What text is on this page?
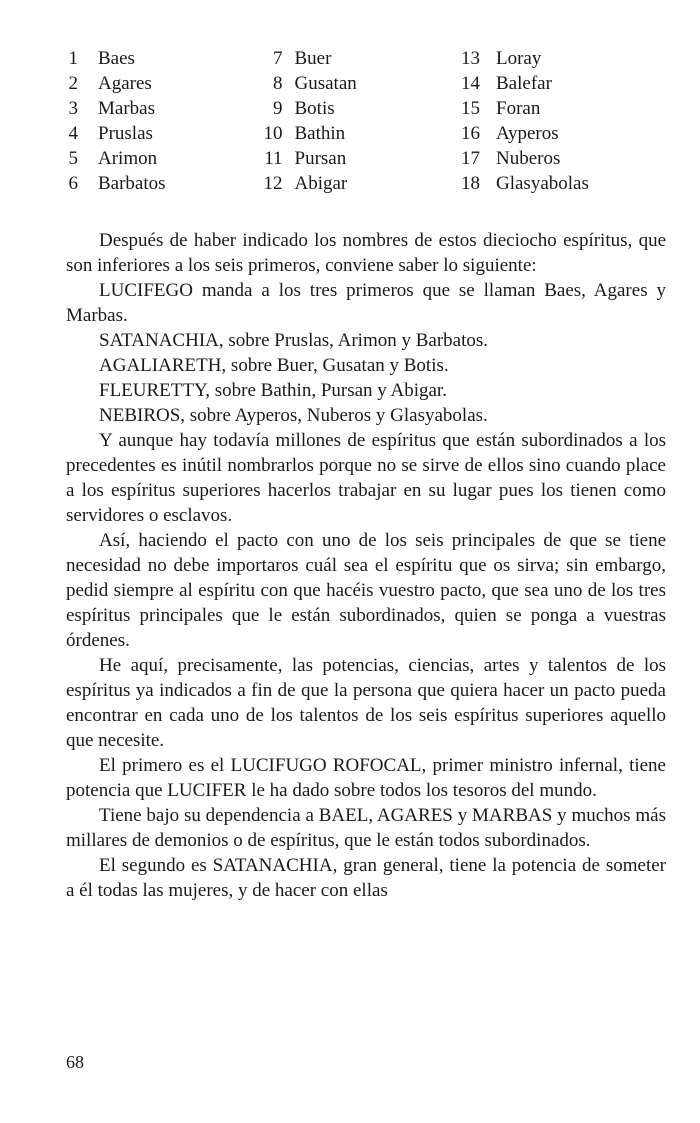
1 Baes
2 Agares
3 Marbas
4 Pruslas
5 Arimon
6 Barbatos
7 Buer
8 Gusatan
9 Botis
10 Bathin
11 Pursan
12 Abigar
13 Loray
14 Balefar
15 Foran
16 Ayperos
17 Nuberos
18 Glasyabolas

Después de haber indicado los nombres de estos dieciocho espíritus, que son inferiores a los seis primeros, conviene saber lo siguiente:

LUCIFEGO manda a los tres primeros que se llaman Baes, Agares y Marbas.

SATANACHIA, sobre Pruslas, Arimon y Barbatos.

AGALIARETH, sobre Buer, Gusatan y Botis.

FLEURETTY, sobre Bathin, Pursan y Abigar.

NEBIROS, sobre Ayperos, Nuberos y Glasyabolas.

Y aunque hay todavía millones de espíritus que están subordinados a los precedentes es inútil nombrarlos porque no se sirve de ellos sino cuando place a los espíritus superiores hacerlos trabajar en su lugar pues los tienen como servidores o esclavos.

Así, haciendo el pacto con uno de los seis principales de que se tiene necesidad no debe importaros cuál sea el espíritu que os sirva; sin embargo, pedid siempre al espíritu con que hacéis vuestro pacto, que sea uno de los tres espíritus principales que le están subordinados, quien se ponga a vuestras órdenes.

He aquí, precisamente, las potencias, ciencias, artes y talentos de los espíritus ya indicados a fin de que la persona que quiera hacer un pacto pueda encontrar en cada uno de los talentos de los seis espíritus superiores aquello que necesite.

El primero es el LUCIFUGO ROFOCAL, primer ministro infernal, tiene potencia que LUCIFER le ha dado sobre todos los tesoros del mundo.

Tiene bajo su dependencia a BAEL, AGARES y MARBAS y muchos más millares de demonios o de espíritus, que le están todos subordinados.

El segundo es SATANACHIA, gran general, tiene la potencia de someter a él todas las mujeres, y de hacer con ellas

68
